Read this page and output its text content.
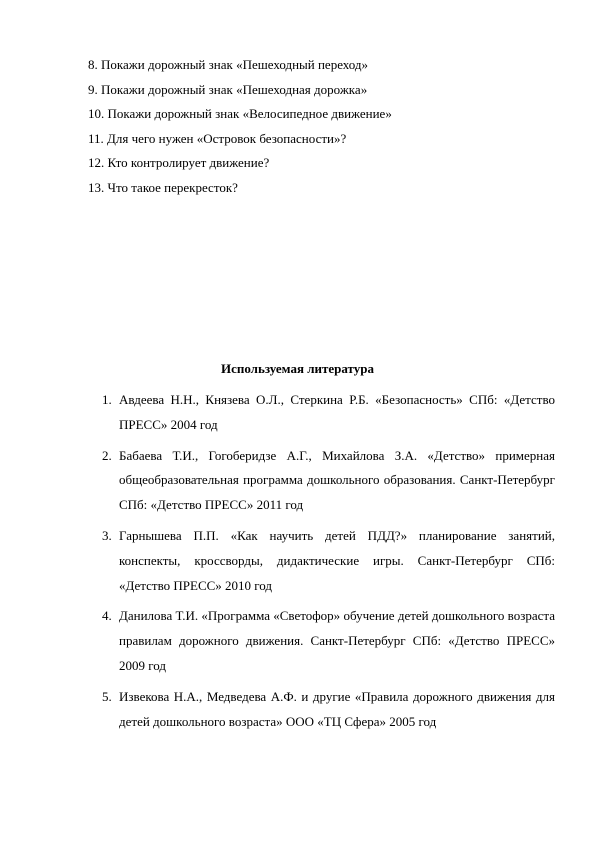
8. Покажи дорожный знак «Пешеходный переход»
9. Покажи дорожный знак «Пешеходная дорожка»
10. Покажи дорожный знак «Велосипедное движение»
11. Для чего нужен «Островок безопасности»?
12. Кто контролирует движение?
13. Что такое перекресток?
Используемая литература
1. Авдеева Н.Н., Князева О.Л., Стеркина Р.Б. «Безопасность» СПб: «Детство ПРЕСС» 2004 год
2. Бабаева Т.И., Гогоберидзе А.Г., Михайлова З.А. «Детство» примерная общеобразовательная программа дошкольного образования. Санкт-Петербург СПб: «Детство ПРЕСС» 2011 год
3. Гарнышева П.П. «Как научить детей ПДД?» планирование занятий, конспекты, кроссворды, дидактические игры. Санкт-Петербург СПб: «Детство ПРЕСС» 2010 год
4. Данилова Т.И. «Программа «Светофор» обучение детей дошкольного возраста правилам дорожного движения. Санкт-Петербург СПб: «Детство ПРЕСС» 2009 год
5. Извекова Н.А., Медведева А.Ф. и другие «Правила дорожного движения для детей дошкольного возраста» ООО «ТЦ Сфера» 2005 год
